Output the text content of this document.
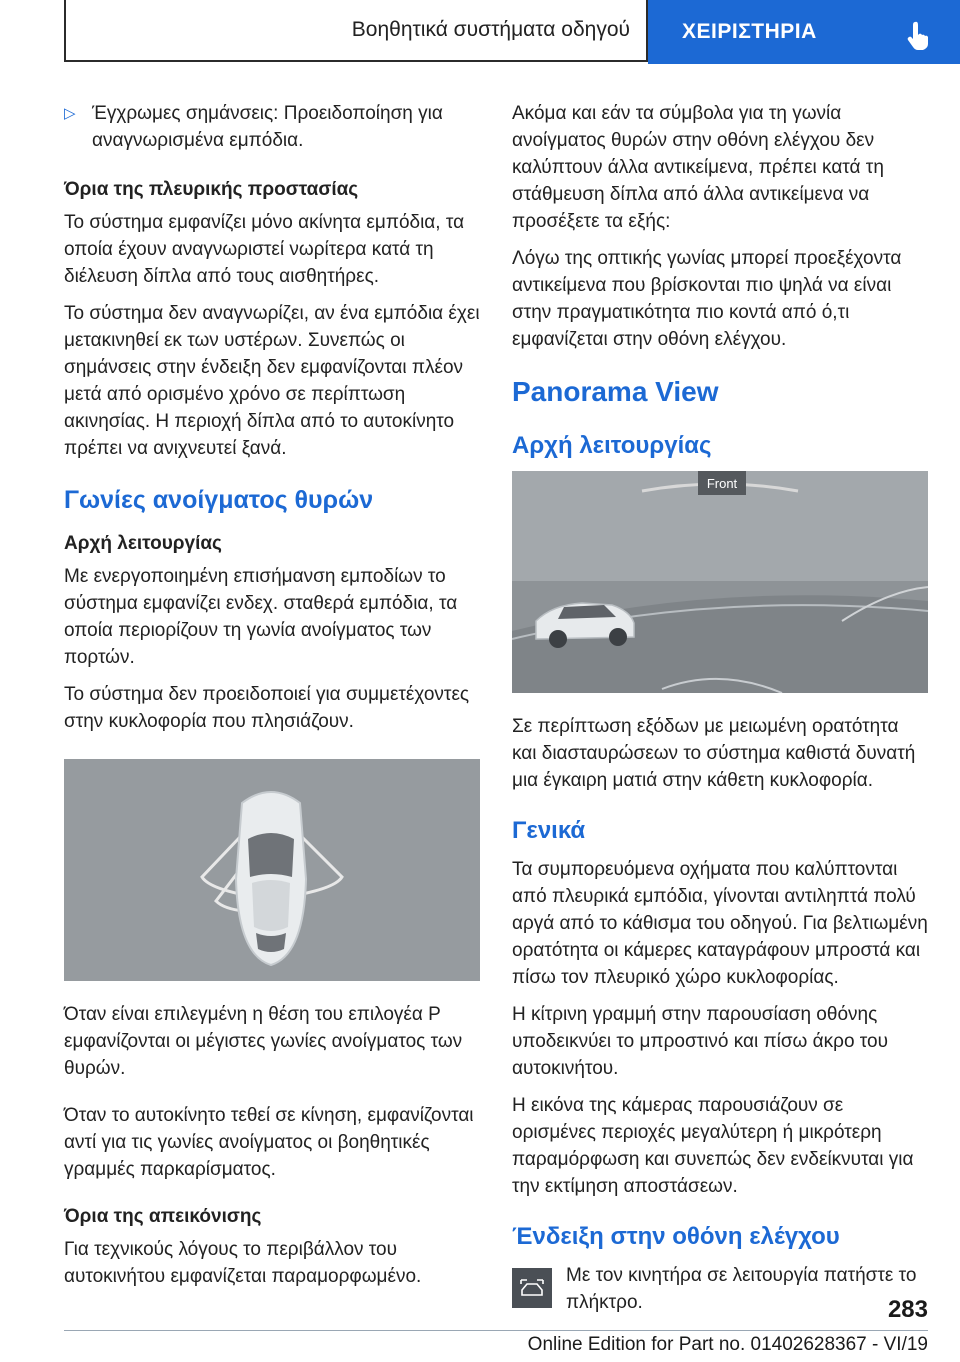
Βοηθητικά συστήματα οδηγού	ΧΕΙΡΙΣΤΗΡΙΑ
▷ Έγχρωμες σημάνσεις: Προειδοποίηση για αναγνωρισμένα εμπόδια.

Όρια της πλευρικής προστασίας

Το σύστημα εμφανίζει μόνο ακίνητα εμπόδια, τα οποία έχουν αναγνωριστεί νωρίτερα κατά τη διέλευση δίπλα από τους αισθητήρες.

Το σύστημα δεν αναγνωρίζει, αν ένα εμπόδια έχει μετακινηθεί εκ των υστέρων. Συνεπώς οι σημάνσεις στην ένδειξη δεν εμφανίζονται πλέον μετά από ορισμένο χρόνο σε περίπτωση ακινησίας. Η περιοχή δίπλα από το αυτοκίνητο πρέπει να ανιχνευτεί ξανά.

Γωνίες ανοίγματος θυρών
Αρχή λειτουργίας

Με ενεργοποιημένη επισήμανση εμποδίων το σύστημα εμφανίζει ενδεχ. σταθερά εμπόδια, τα οποία περιορίζουν τη γωνία ανοίγματος των πορτών.

Το σύστημα δεν προειδοποιεί για συμμετέχοντες στην κυκλοφορία που πλησιάζουν.

Όταν είναι επιλεγμένη η θέση του επιλογέα P εμφανίζονται οι μέγιστες γωνίες ανοίγματος των θυρών.

Όταν το αυτοκίνητο τεθεί σε κίνηση, εμφανίζονται αντί για τις γωνίες ανοίγματος οι βοηθητικές γραμμές παρκαρίσματος.

Όρια της απεικόνισης

Για τεχνικούς λόγους το περιβάλλον του αυτοκινήτου εμφανίζεται παραμορφωμένο.

Ακόμα και εάν τα σύμβολα για τη γωνία ανοίγματος θυρών στην οθόνη ελέγχου δεν καλύπτουν άλλα αντικείμενα, πρέπει κατά τη στάθμευση δίπλα από άλλα αντικείμενα να προσέξετε τα εξής:

Λόγω της οπτικής γωνίας μπορεί προεξέχοντα αντικείμενα που βρίσκονται πιο ψηλά να είναι στην πραγματικότητα πιο κοντά από ό,τι εμφανίζεται στην οθόνη ελέγχου.

Panorama View
Αρχή λειτουργίας
Front

Σε περίπτωση εξόδων με μειωμένη ορατότητα και διασταυρώσεων το σύστημα καθιστά δυνατή μια έγκαιρη ματιά στην κάθετη κυκλοφορία.

Γενικά

Τα συμπορευόμενα οχήματα που καλύπτονται από πλευρικά εμπόδια, γίνονται αντιληπτά πολύ αργά από το κάθισμα του οδηγού. Για βελτιωμένη ορατότητα οι κάμερες καταγράφουν μπροστά και πίσω τον πλευρικό χώρο κυκλοφορίας.

Η κίτρινη γραμμή στην παρουσίαση οθόνης υποδεικνύει το μπροστινό και πίσω άκρο του αυτοκινήτου.

Η εικόνα της κάμερας παρουσιάζουν σε ορισμένες περιοχές μεγαλύτερη ή μικρότερη παραμόρφωση και συνεπώς δεν ενδείκνυται για την εκτίμηση αποστάσεων.

Ένδειξη στην οθόνη ελέγχου

Με τον κινητήρα σε λειτουργία πατήστε το πλήκτρο.	283
Online Edition for Part no. 01402628367 - VI/19
